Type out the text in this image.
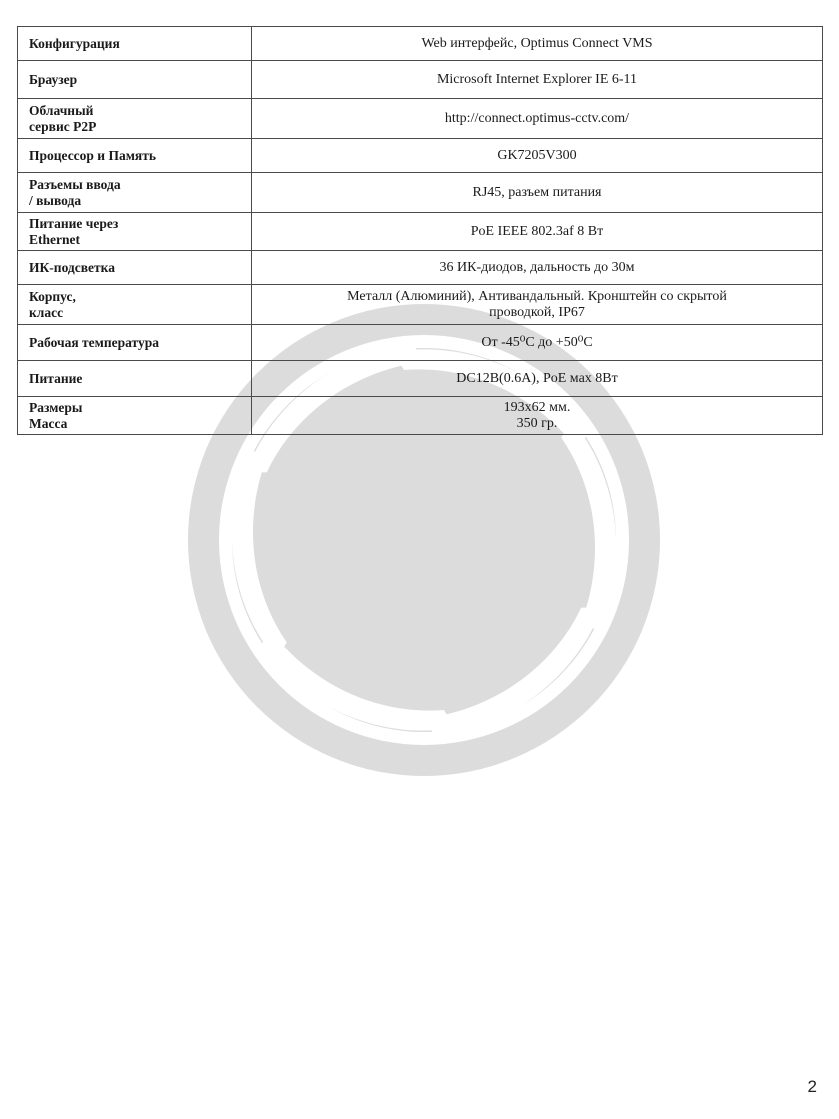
Конфигурация	Web интерфейс, Optimus Connect VMS
Браузер	Microsoft Internet Explorer IE 6-11
Облачный
сервис P2P	http://connect.optimus-cctv.com/
Процессор и Память	GK7205V300
Разъемы ввода
/ вывода	RJ45, разъем питания
Питание через
Ethernet	PoE IEEE 802.3af 8 Вт
ИК-подсветка	36 ИК-диодов, дальность до 30м
Корпус,
класс	Металл (Алюминий), Антивандальный. Кронштейн со скрытой
проводкой, IP67
Рабочая температура	От -45⁰С до +50⁰С
Питание	DC12В(0.6А), PoE мах 8Вт
Размеры
Масса	193х62 мм.
350 гр.
2
